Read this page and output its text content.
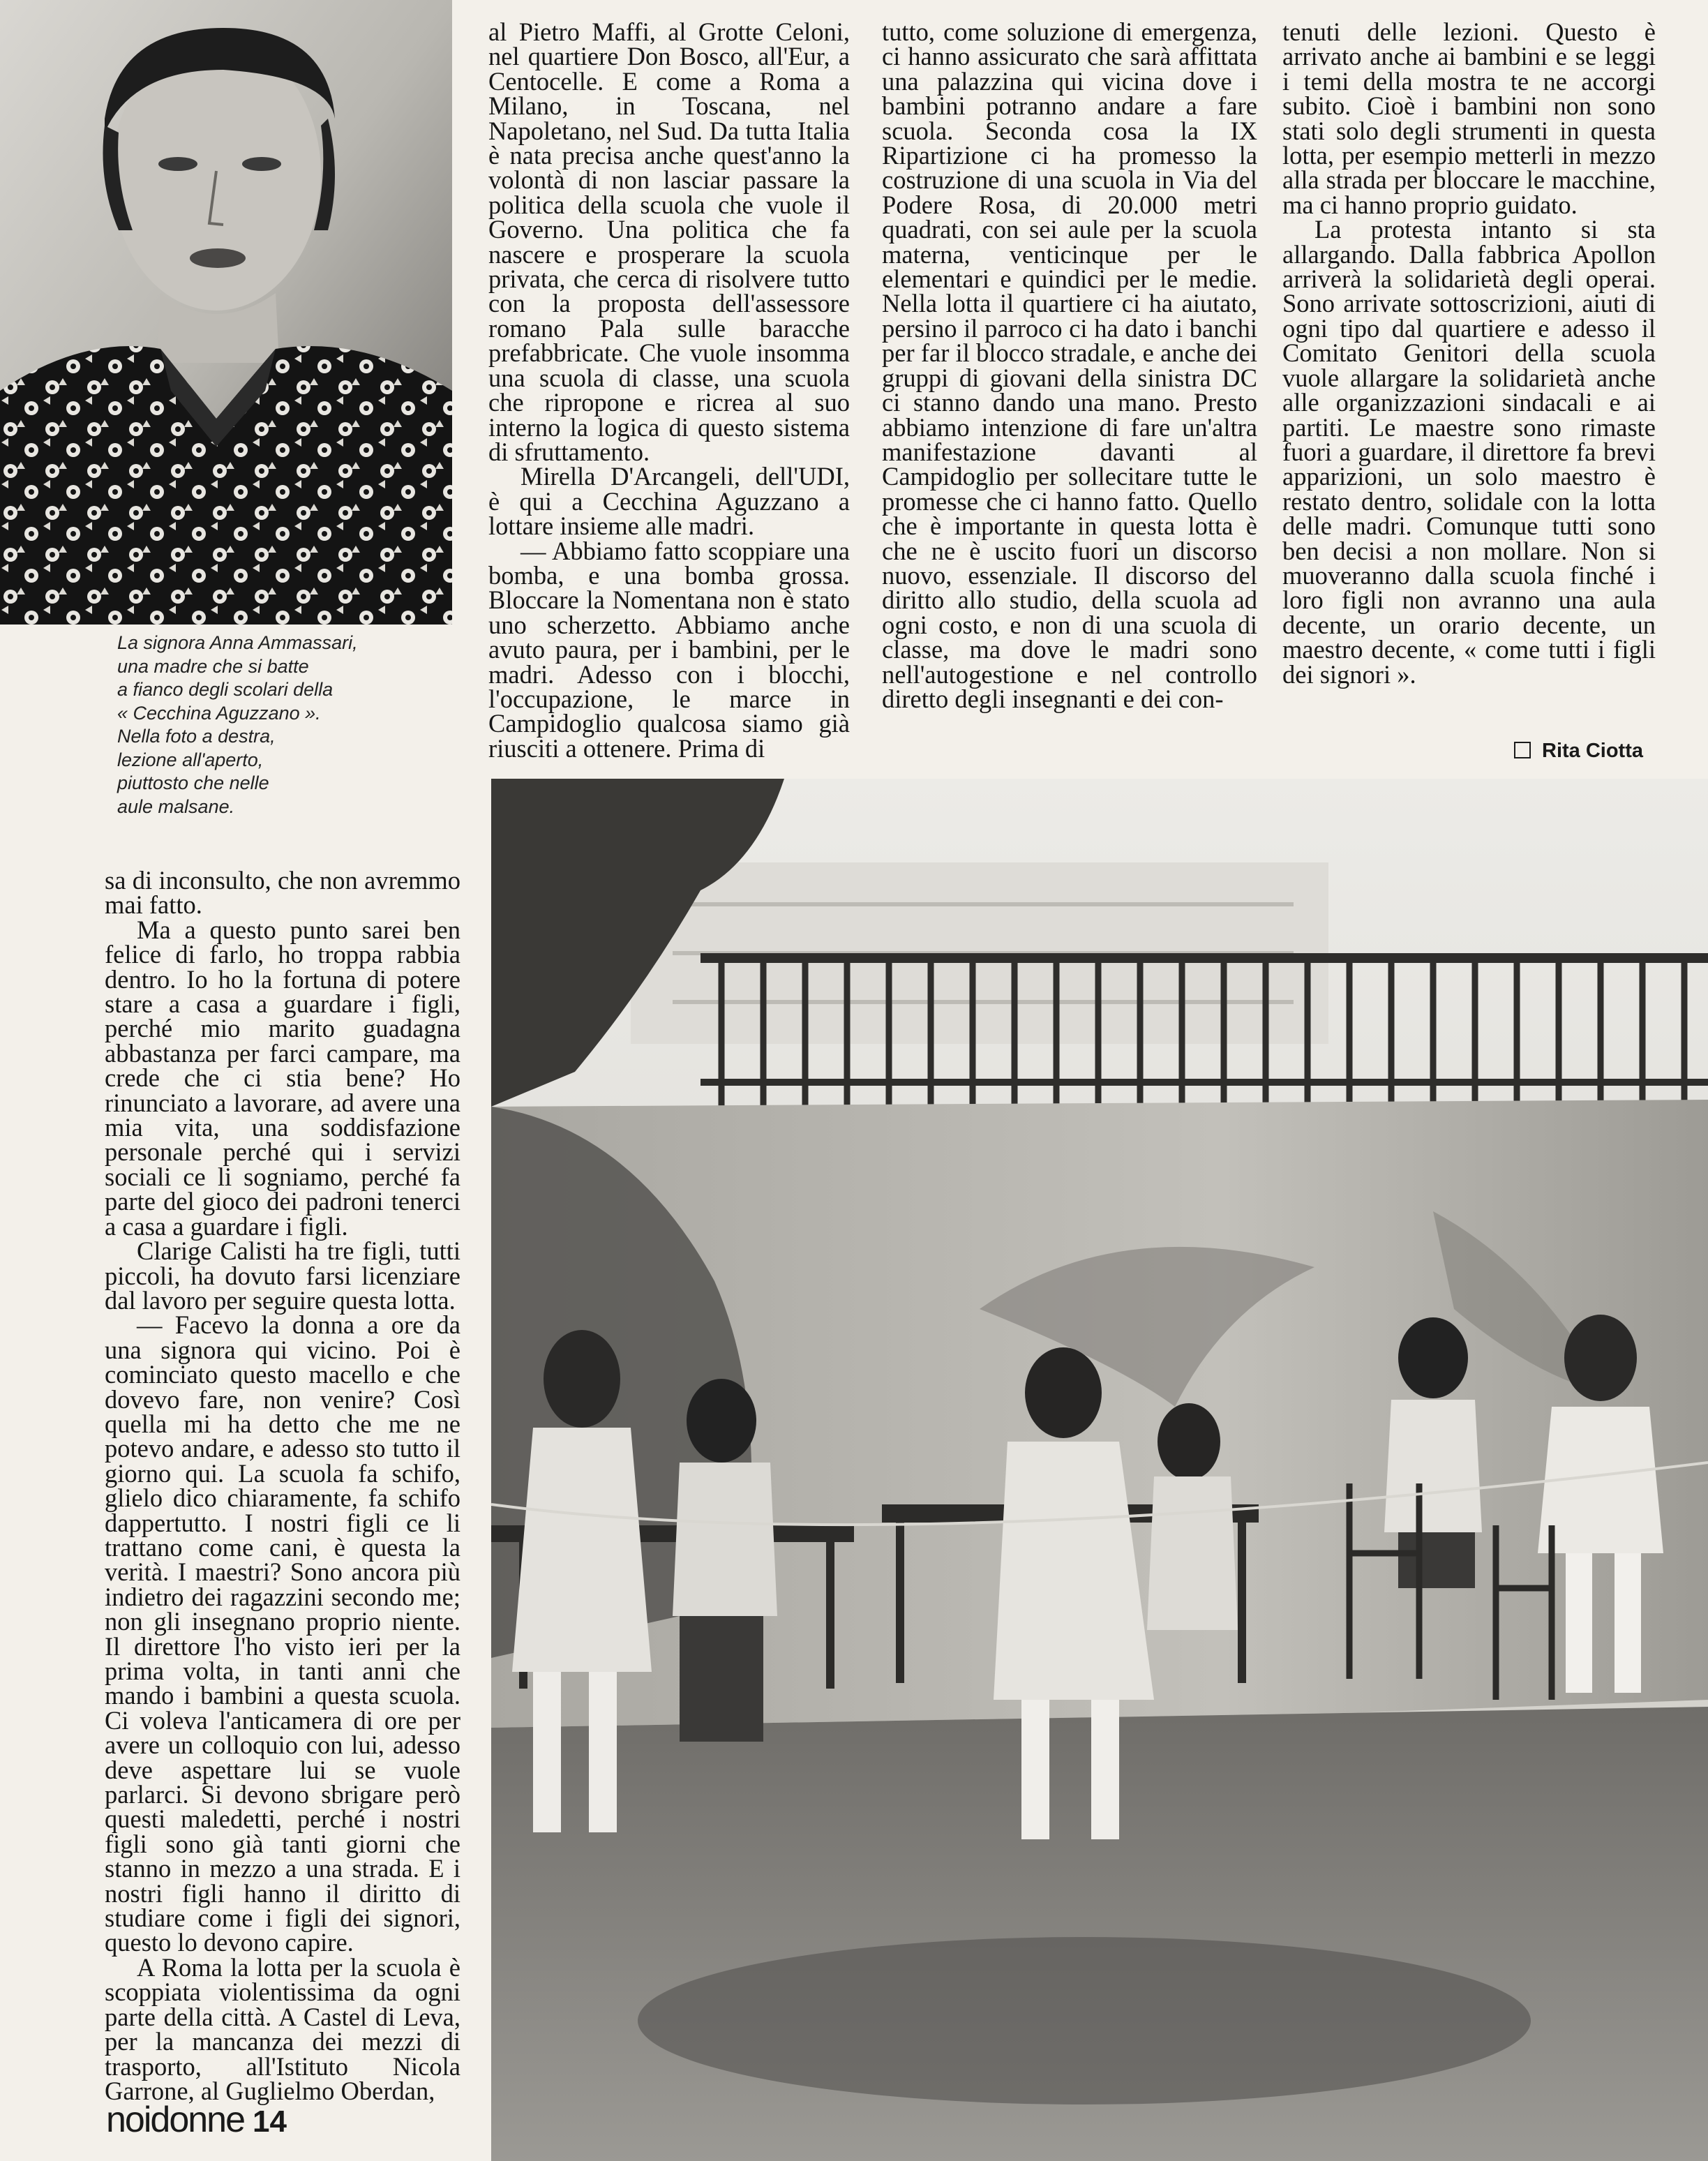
La signora Anna Ammassari,

una madre che si batte

a fianco degli scolari della

« Cecchina Aguzzano ».

Nella foto a destra,

lezione all'aperto,

piuttosto che nelle

aule malsane.

al Pietro Maffi, al Grotte Celoni, nel quartiere Don Bosco, all'Eur, a Centocelle. E come a Roma a Milano, in Toscana, nel Napoletano, nel Sud. Da tutta Italia è nata precisa anche quest'anno la volontà di non lasciar passare la politica della scuola che vuole il Governo. Una politica che fa nascere e prosperare la scuola privata, che cerca di risolvere tutto con la proposta dell'assessore romano Pala sulle baracche prefabbricate. Che vuole insomma una scuola di classe, una scuola che ripropone e ricrea al suo interno la logica di questo sistema di sfruttamento.

Mirella D'Arcangeli, dell'UDI, è qui a Cecchina Aguzzano a lottare insieme alle madri.

— Abbiamo fatto scoppiare una bomba, e una bomba grossa. Bloccare la Nomentana non è stato uno scherzetto. Abbiamo anche avuto paura, per i bambini, per le madri. Adesso con i blocchi, l'occupazione, le marce in Campidoglio qualcosa siamo già riusciti a ottenere. Prima di

tutto, come soluzione di emergenza, ci hanno assicurato che sarà affittata una palazzina qui vicina dove i bambini potranno andare a fare scuola. Seconda cosa la IX Ripartizione ci ha promesso la costruzione di una scuola in Via del Podere Rosa, di 20.000 metri quadrati, con sei aule per la scuola materna, venticinque per le elementari e quindici per le medie. Nella lotta il quartiere ci ha aiutato, persino il parroco ci ha dato i banchi per far il blocco stradale, e anche dei gruppi di giovani della sinistra DC ci stanno dando una mano. Presto abbiamo intenzione di fare un'altra manifestazione davanti al Campidoglio per sollecitare tutte le promesse che ci hanno fatto. Quello che è importante in questa lotta è che ne è uscito fuori un discorso nuovo, essenziale. Il discorso del diritto allo studio, della scuola ad ogni costo, e non di una scuola di classe, ma dove le madri sono nell'autogestione e nel controllo diretto degli insegnanti e dei con-

tenuti delle lezioni. Questo è arrivato anche ai bambini e se leggi i temi della mostra te ne accorgi subito. Cioè i bambini non sono stati solo degli strumenti in questa lotta, per esempio metterli in mezzo alla strada per bloccare le macchine, ma ci hanno proprio guidato.

La protesta intanto si sta allargando. Dalla fabbrica Apollon arriverà la solidarietà degli operai. Sono arrivate sottoscrizioni, aiuti di ogni tipo dal quartiere e adesso il Comitato Genitori della scuola vuole allargare la solidarietà anche alle organizzazioni sindacali e ai partiti. Le maestre sono rimaste fuori a guardare, il direttore fa brevi apparizioni, un solo maestro è restato dentro, solidale con la lotta delle madri. Comunque tutti sono ben decisi a non mollare. Non si muoveranno dalla scuola finché i loro figli non avranno una aula decente, un orario decente, un maestro decente, « come tutti i figli dei signori ».

Rita Ciotta

sa di inconsulto, che non avremmo mai fatto.

Ma a questo punto sarei ben felice di farlo, ho troppa rabbia dentro. Io ho la fortuna di potere stare a casa a guardare i figli, perché mio marito guadagna abbastanza per farci campare, ma crede che ci stia bene? Ho rinunciato a lavorare, ad avere una mia vita, una soddisfazione personale perché qui i servizi sociali ce li sogniamo, perché fa parte del gioco dei padroni tenerci a casa a guardare i figli.

Clarige Calisti ha tre figli, tutti piccoli, ha dovuto farsi licenziare dal lavoro per seguire questa lotta.

— Facevo la donna a ore da una signora qui vicino. Poi è cominciato questo macello e che dovevo fare, non venire? Così quella mi ha detto che me ne potevo andare, e adesso sto tutto il giorno qui. La scuola fa schifo, glielo dico chiaramente, fa schifo dappertutto. I nostri figli ce li trattano come cani, è questa la verità. I maestri? Sono ancora più indietro dei ragazzini secondo me; non gli insegnano proprio niente. Il direttore l'ho visto ieri per la prima volta, in tanti anni che mando i bambini a questa scuola. Ci voleva l'anticamera di ore per avere un colloquio con lui, adesso deve aspettare lui se vuole parlarci. Si devono sbrigare però questi maledetti, perché i nostri figli sono già tanti giorni che stanno in mezzo a una strada. E i nostri figli hanno il diritto di studiare come i figli dei signori, questo lo devono capire.

A Roma la lotta per la scuola è scoppiata violentissima da ogni parte della città. A Castel di Leva, per la mancanza dei mezzi di trasporto, all'Istituto Nicola Garrone, al Guglielmo Oberdan,

noidonne 14
